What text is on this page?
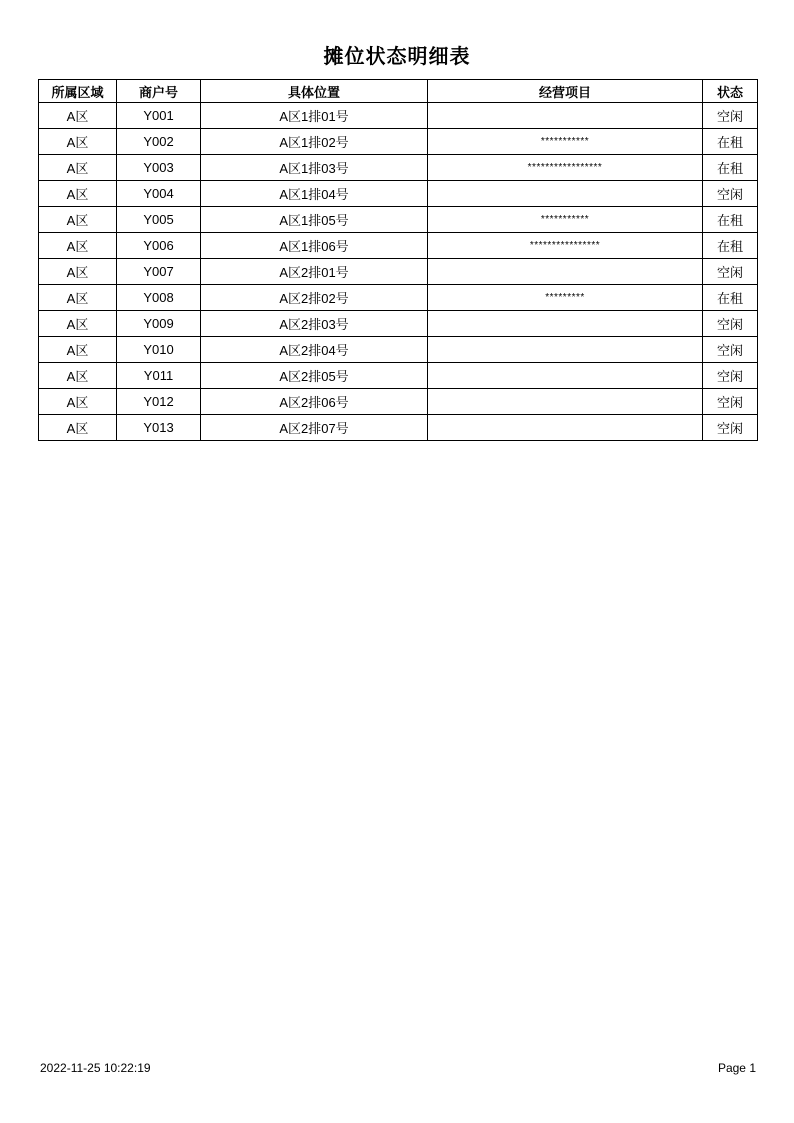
摊位状态明细表
所属区域	商户号	具体位置	经营项目	状态
A区	Y001	A区1排01号		空闲
A区	Y002	A区1排02号	***********	在租
A区	Y003	A区1排03号	*****************	在租
A区	Y004	A区1排04号		空闲
A区	Y005	A区1排05号	***********	在租
A区	Y006	A区1排06号	****************	在租
A区	Y007	A区2排01号		空闲
A区	Y008	A区2排02号	*********	在租
A区	Y009	A区2排03号		空闲
A区	Y010	A区2排04号		空闲
A区	Y011	A区2排05号		空闲
A区	Y012	A区2排06号		空闲
A区	Y013	A区2排07号		空闲
2022-11-25 10:22:19	Page 1
